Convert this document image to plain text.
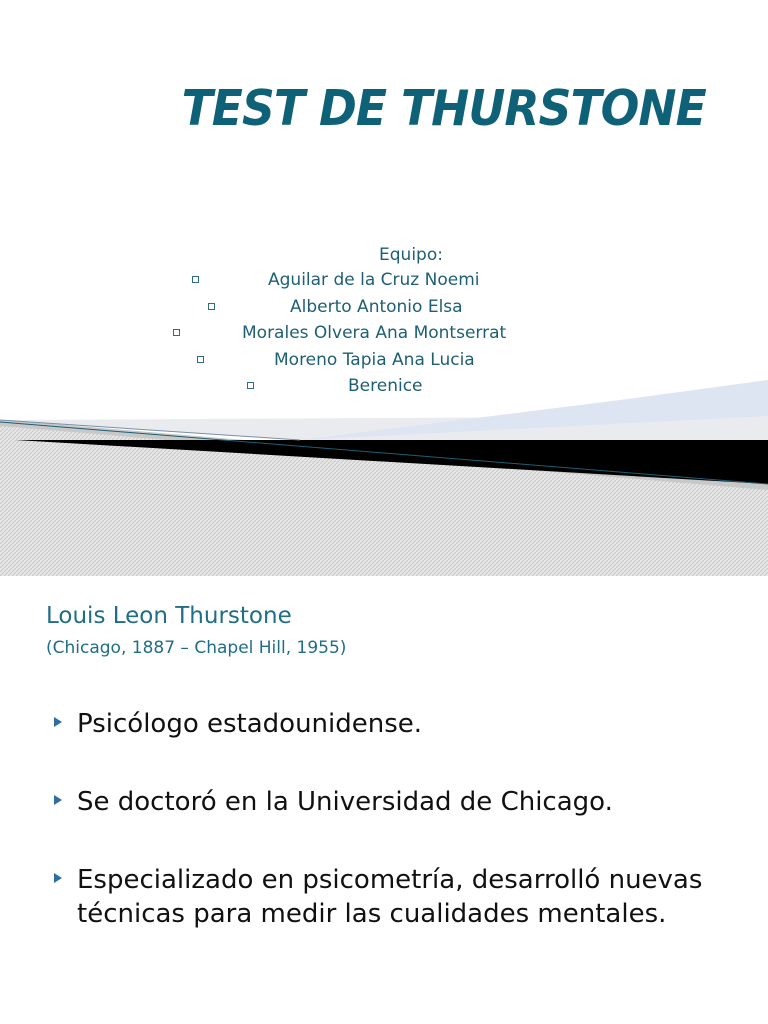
TEST DE THURSTONE
Equipo:
Aguilar de la Cruz Noemi
Alberto Antonio Elsa
Morales Olvera Ana Montserrat
Moreno Tapia Ana Lucia
Berenice
Louis Leon Thurstone
(Chicago, 1887 – Chapel Hill, 1955)
Psicólogo estadounidense.
Se doctoró en la Universidad de Chicago.
Especializado en psicometría, desarrolló nuevas técnicas para medir las cualidades mentales.
